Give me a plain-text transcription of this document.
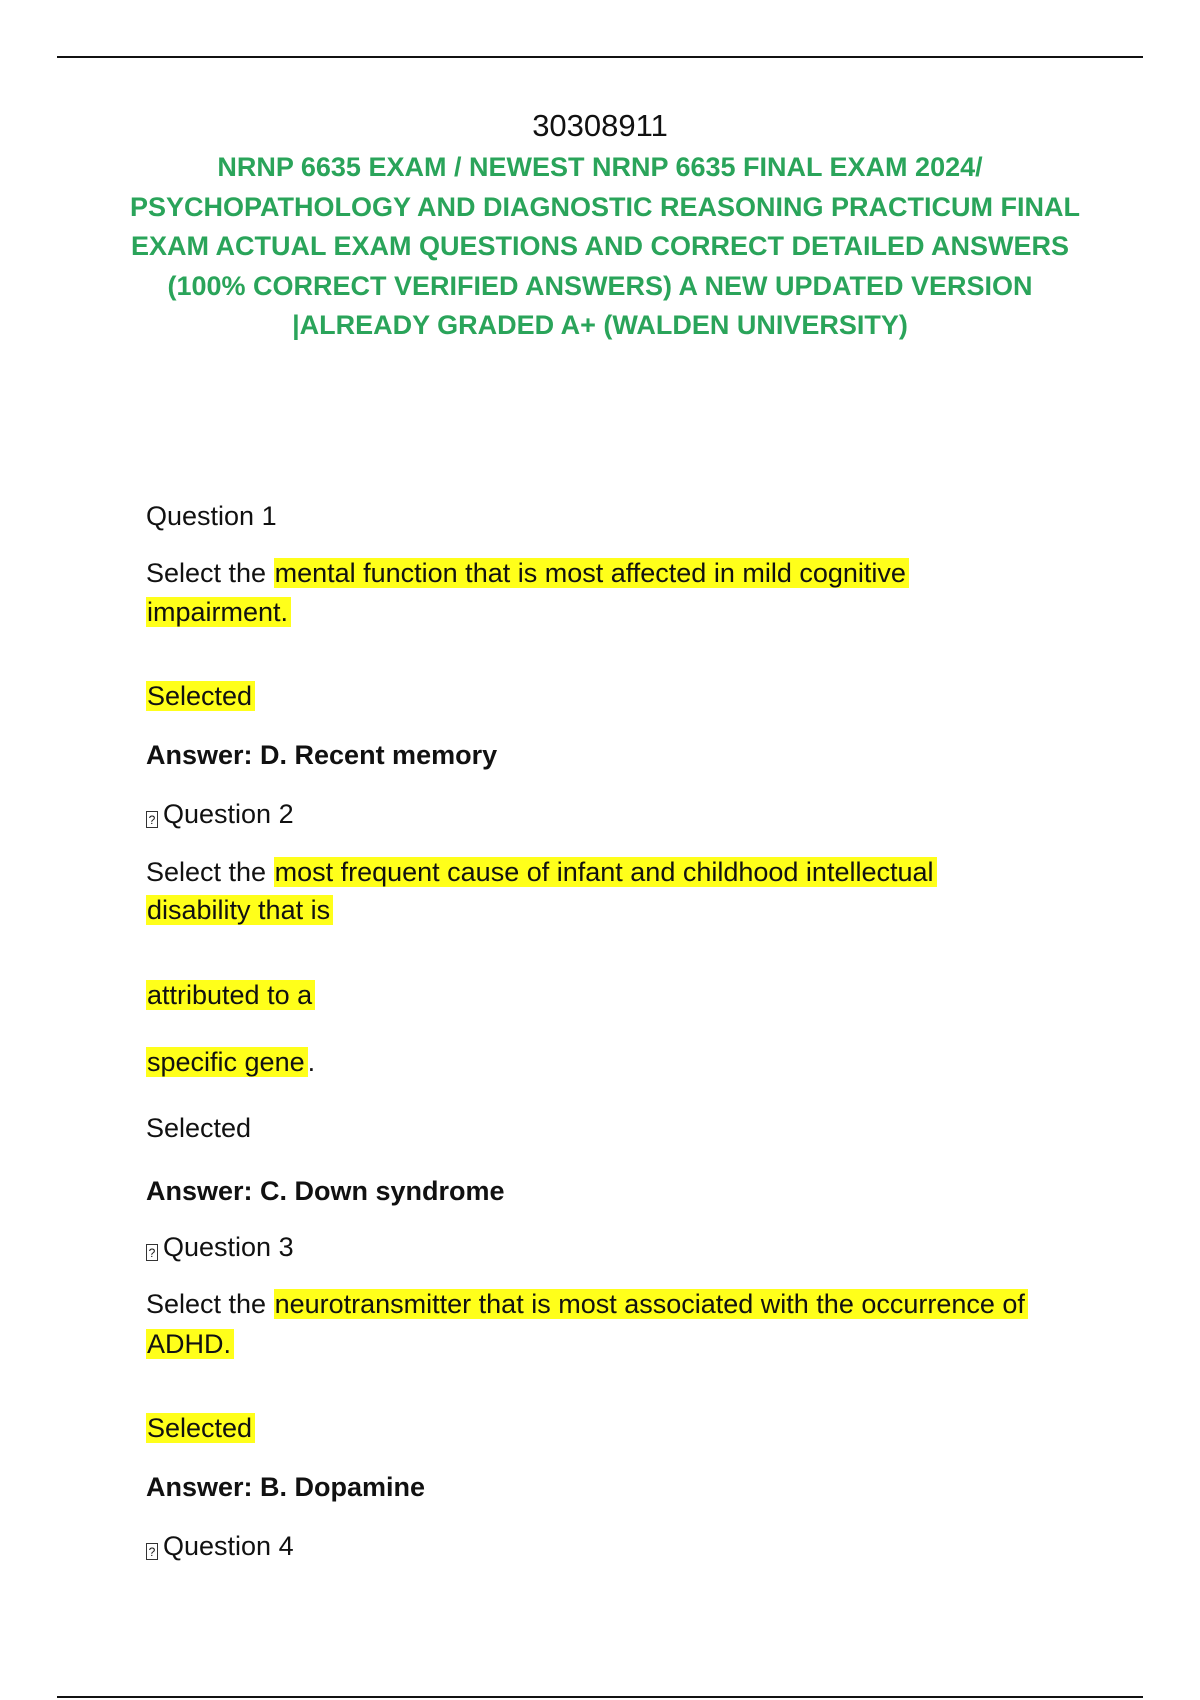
30308911
NRNP 6635 EXAM / NEWEST NRNP 6635 FINAL EXAM 2024/
PSYCHOPATHOLOGY AND DIAGNOSTIC REASONING PRACTICUM FINAL
EXAM ACTUAL EXAM QUESTIONS AND CORRECT DETAILED ANSWERS
(100% CORRECT VERIFIED ANSWERS) A NEW UPDATED VERSION
|ALREADY GRADED A+ (WALDEN UNIVERSITY)
Question 1
Select the mental function that is most affected in mild cognitive
impairment.
Selected
Answer: D. Recent memory
? Question 2
Select the most frequent cause of infant and childhood intellectual
disability that is
attributed to a
specific gene .
Selected
Answer: C. Down syndrome
? Question 3
Select the neurotransmitter that is most associated with the occurrence of
ADHD.
Selected
Answer: B. Dopamine
? Question 4
